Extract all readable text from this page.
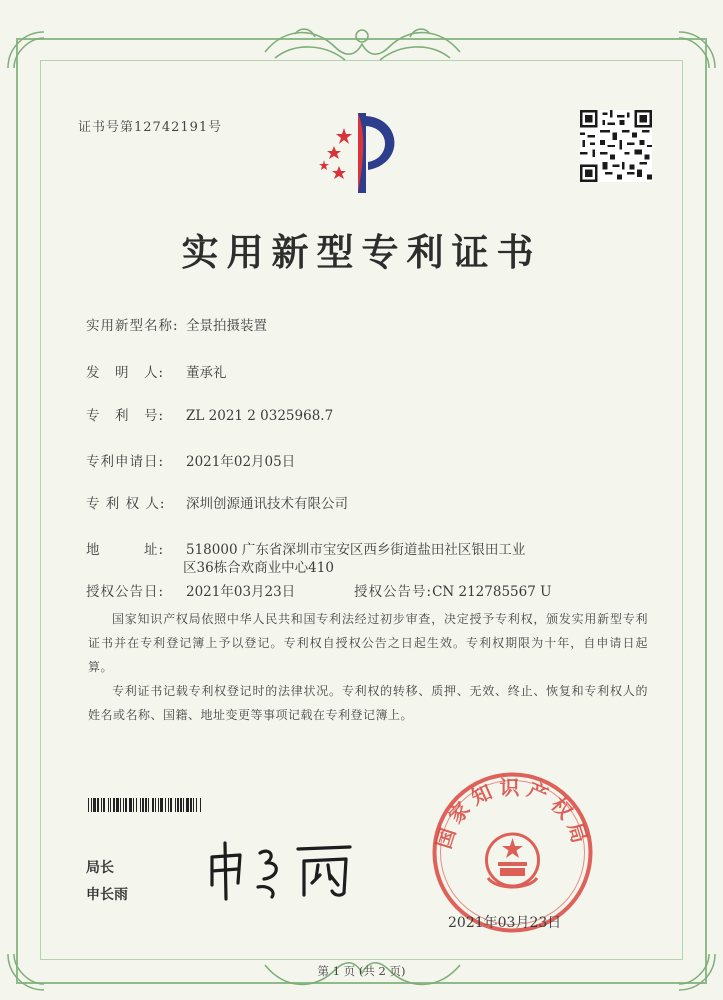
证书号第12742191号
实用新型专利证书
实用新型名称: 全景拍摄装置
发　明　人: 董承礼
专　利　号: ZL 2021 2 0325968.7
专利申请日: 2021年02月05日
专 利 权 人: 深圳创源通讯技术有限公司
地　　　址: 518000 广东省深圳市宝安区西乡街道盐田社区银田工业
区36栋合欢商业中心410
授权公告日: 2021年03月23日	授权公告号:CN 212785567 U
国家知识产权局依照中华人民共和国专利法经过初步审查，决定授予专利权，颁发实用新型专利证书并在专利登记簿上予以登记。专利权自授权公告之日起生效。专利权期限为十年，自申请日起算。
专利证书记载专利权登记时的法律状况。专利权的转移、质押、无效、终止、恢复和专利权人的姓名或名称、国籍、地址变更等事项记载在专利登记簿上。
局长
申长雨
国家知识产权局
2021年03月23日
第 1 页 (共 2 页)
